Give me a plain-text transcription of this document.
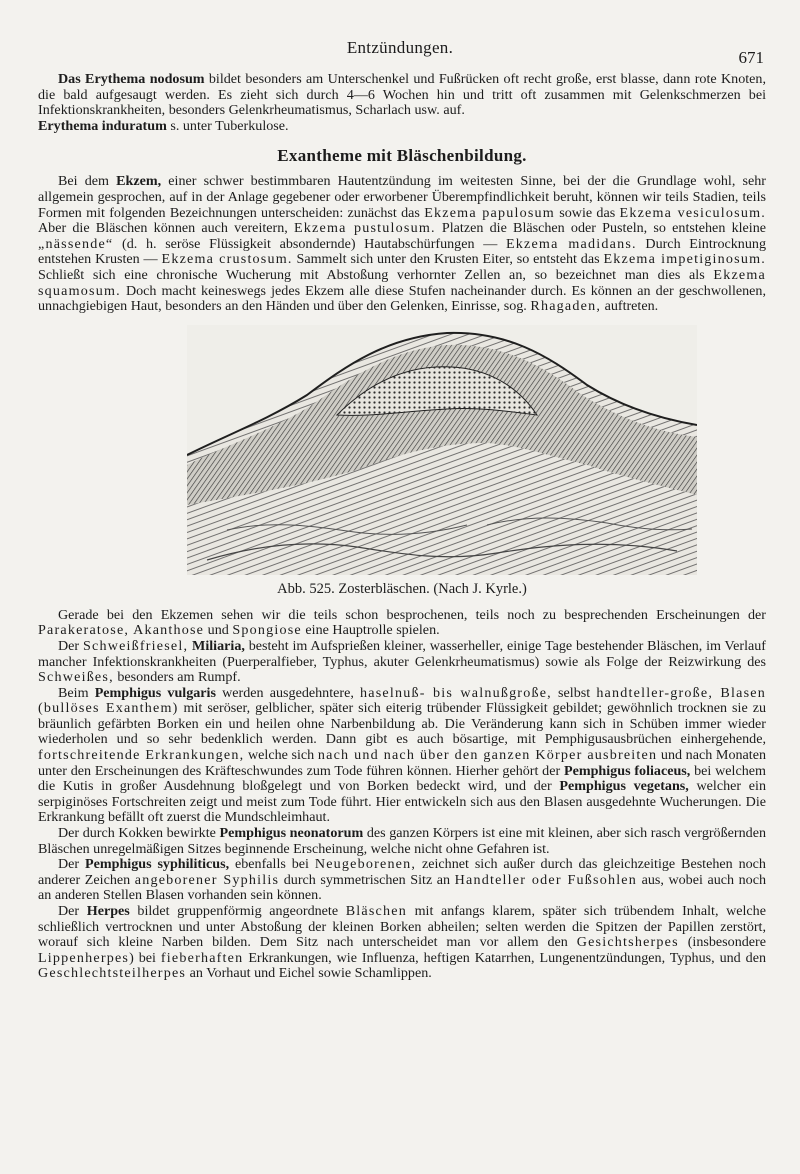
Entzündungen.
671

Das Erythema nodosum bildet besonders am Unterschenkel und Fußrücken oft recht große, erst blasse, dann rote Knoten, die bald aufgesaugt werden. Es zieht sich durch 4—6 Wochen hin und tritt oft zusammen mit Gelenkschmerzen bei Infektionskrankheiten, besonders Gelenkrheumatismus, Scharlach usw. auf.

Erythema induratum s. unter Tuberkulose.

Exantheme mit Bläschenbildung.

Bei dem Ekzem, einer schwer bestimmbaren Hautentzündung im weitesten Sinne, bei der die Grundlage wohl, sehr allgemein gesprochen, auf in der Anlage gegebener oder erworbener Überempfindlichkeit beruht, können wir teils Stadien, teils Formen mit folgenden Bezeichnungen unterscheiden: zunächst das Ekzema papulosum sowie das Ekzema vesiculosum. Aber die Bläschen können auch vereitern, Ekzema pustulosum. Platzen die Bläschen oder Pusteln, so entstehen kleine „nässende“ (d. h. seröse Flüssigkeit absondernde) Hautabschürfungen — Ekzema madidans. Durch Eintrocknung entstehen Krusten — Ekzema crustosum. Sammelt sich unter den Krusten Eiter, so entsteht das Ekzema impetiginosum. Schließt sich eine chronische Wucherung mit Abstoßung verhornter Zellen an, so bezeichnet man dies als Ekzema squamosum. Doch macht keineswegs jedes Ekzem alle diese Stufen nacheinander durch. Es können an der geschwollenen, unnachgiebigen Haut, besonders an den Händen und über den Gelenken, Einrisse, sog. Rhagaden, auftreten.

Abb. 525. Zosterbläschen. (Nach J. Kyrle.)

Gerade bei den Ekzemen sehen wir die teils schon besprochenen, teils noch zu besprechenden Erscheinungen der Parakeratose, Akanthose und Spongiose eine Hauptrolle spielen.

Der Schweißfriesel, Miliaria, besteht im Aufsprießen kleiner, wasserheller, einige Tage bestehender Bläschen, im Verlauf mancher Infektionskrankheiten (Puerperalfieber, Typhus, akuter Gelenkrheumatismus) sowie als Folge der Reizwirkung des Schweißes, besonders am Rumpf.

Beim Pemphigus vulgaris werden ausgedehntere, haselnuß- bis walnußgroße, selbst handteller-große, Blasen (bullöses Exanthem) mit seröser, gelblicher, später sich eiterig trübender Flüssigkeit gebildet; gewöhnlich trocknen sie zu bräunlich gefärbten Borken ein und heilen ohne Narbenbildung ab. Die Veränderung kann sich in Schüben immer wieder wiederholen und so sehr bedenklich werden. Dann gibt es auch bösartige, mit Pemphigusausbrüchen einhergehende, fortschreitende Erkrankungen, welche sich nach und nach über den ganzen Körper ausbreiten und nach Monaten unter den Erscheinungen des Kräfteschwundes zum Tode führen können. Hierher gehört der Pemphigus foliaceus, bei welchem die Kutis in großer Ausdehnung bloßgelegt und von Borken bedeckt wird, und der Pemphigus vegetans, welcher ein serpiginöses Fortschreiten zeigt und meist zum Tode führt. Hier entwickeln sich aus den Blasen ausgedehnte Wucherungen. Die Erkrankung befällt oft zuerst die Mundschleimhaut.

Der durch Kokken bewirkte Pemphigus neonatorum des ganzen Körpers ist eine mit kleinen, aber sich rasch vergrößernden Bläschen unregelmäßigen Sitzes beginnende Erscheinung, welche nicht ohne Gefahren ist.

Der Pemphigus syphiliticus, ebenfalls bei Neugeborenen, zeichnet sich außer durch das gleichzeitige Bestehen noch anderer Zeichen angeborener Syphilis durch symmetrischen Sitz an Handteller oder Fußsohlen aus, wobei auch noch an anderen Stellen Blasen vorhanden sein können.

Der Herpes bildet gruppenförmig angeordnete Bläschen mit anfangs klarem, später sich trübendem Inhalt, welche schließlich vertrocknen und unter Abstoßung der kleinen Borken abheilen; selten werden die Spitzen der Papillen zerstört, worauf sich kleine Narben bilden. Dem Sitz nach unterscheidet man vor allem den Gesichtsherpes (insbesondere Lippenherpes) bei fieberhaften Erkrankungen, wie Influenza, heftigen Katarrhen, Lungenentzündungen, Typhus, und den Geschlechtsteilherpes an Vorhaut und Eichel sowie Schamlippen.
